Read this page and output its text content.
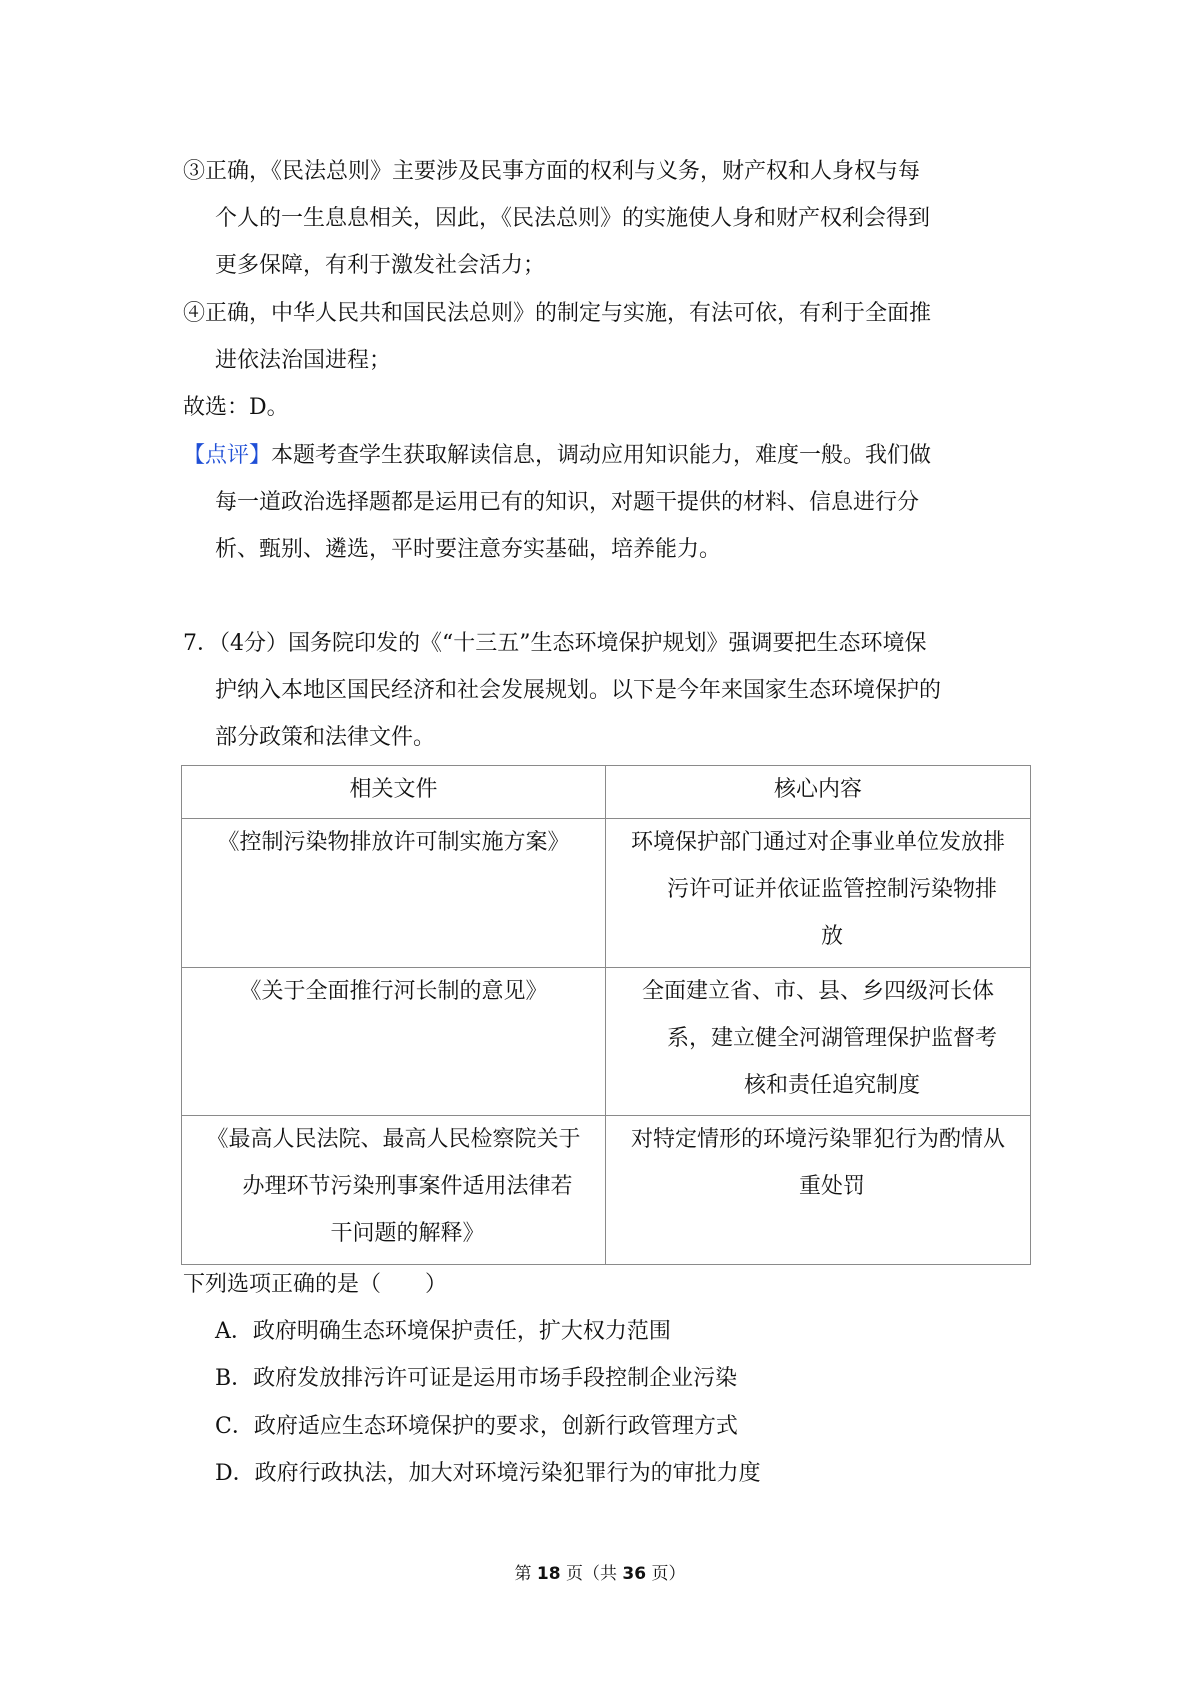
③正确，《民法总则》主要涉及民事方面的权利与义务，财产权和人身权与每
个人的一生息息相关，因此，《民法总则》的实施使人身和财产权利会得到
更多保障，有利于激发社会活力；
④正确，中华人民共和国民法总则》的制定与实施，有法可依，有利于全面推
进依法治国进程；
故选：D。
【点评】本题考查学生获取解读信息，调动应用知识能力，难度一般。我们做
每一道政治选择题都是运用已有的知识，对题干提供的材料、信息进行分
析、甄别、遴选，平时要注意夯实基础，培养能力。
7．（4分）国务院印发的《“十三五”生态环境保护规划》强调要把生态环境保
护纳入本地区国民经济和社会发展规划。以下是今年来国家生态环境保护的
部分政策和法律文件。
相关文件	核心内容

《控制污染物排放许可制实施方案》	环境保护部门通过对企事业单位发放排
污许可证并依证监管控制污染物排
放

《关于全面推行河长制的意见》	全面建立省、市、县、乡四级河长体
系，建立健全河湖管理保护监督考
核和责任追究制度

《最高人民法院、最高人民检察院关于
办理环节污染刑事案件适用法律若
干问题的解释》	对特定情形的环境污染罪犯行为酌情从
重处罚
下列选项正确的是（　　）
A．政府明确生态环境保护责任，扩大权力范围
B．政府发放排污许可证是运用市场手段控制企业污染
C．政府适应生态环境保护的要求，创新行政管理方式
D．政府行政执法，加大对环境污染犯罪行为的审批力度
第 18 页（共 36 页）
